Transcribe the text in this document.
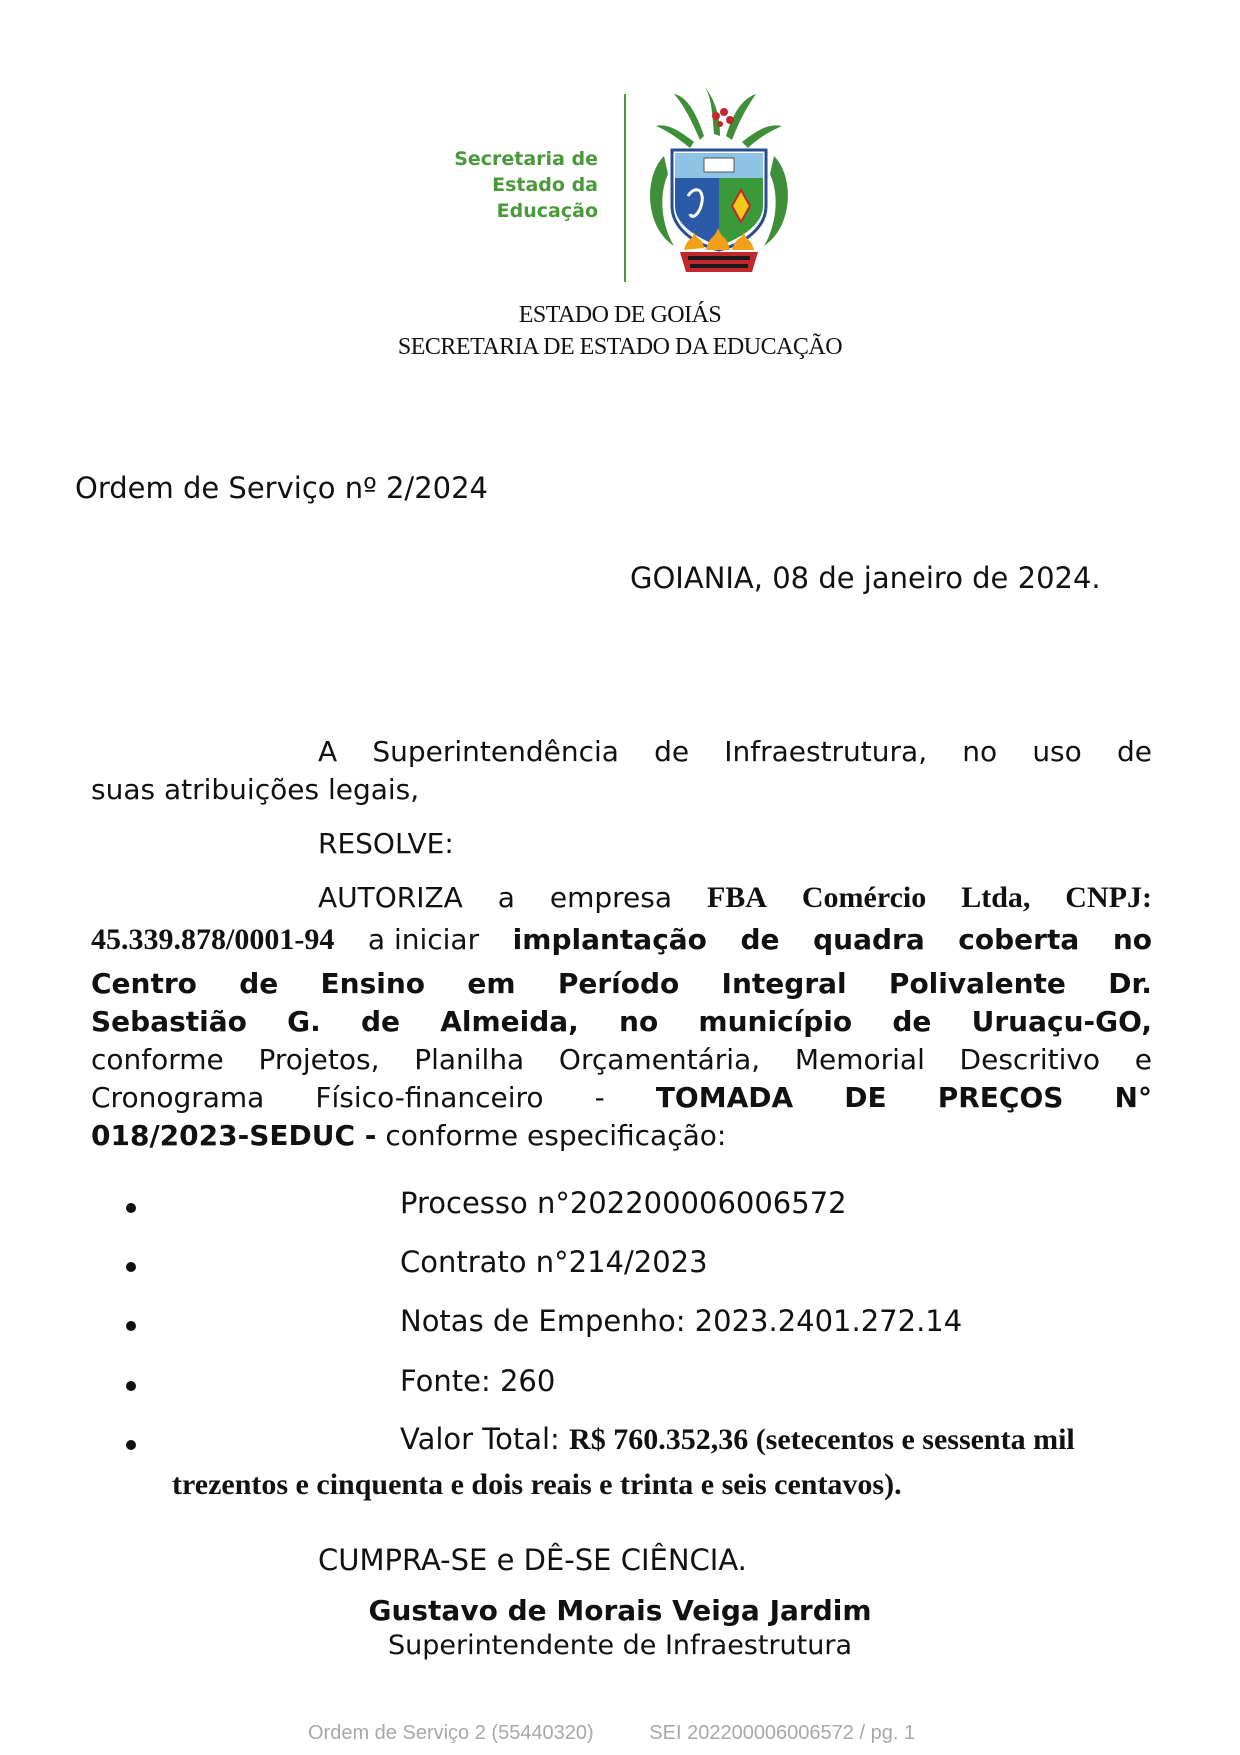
Secretaria de
Estado da
Educação
ESTADO DE GOIÁS
SECRETARIA DE ESTADO DA EDUCAÇÃO
Ordem de Serviço nº 2/2024
GOIANIA, 08 de janeiro de 2024.
A Superintendência de Infraestrutura, no uso de
suas atribuições legais,
RESOLVE:
AUTORIZA a empresa FBA Comércio Ltda, CNPJ:
45.339.878/0001-94 a iniciar implantação de quadra coberta no
Centro de Ensino em Período Integral Polivalente Dr.
Sebastião G. de Almeida, no município de Uruaçu-GO,
conforme Projetos, Planilha Orçamentária, Memorial Descritivo e
Cronograma Físico-financeiro - TOMADA DE PREÇOS N°
018/2023-SEDUC - conforme especificação:
Processo n°202200006006572
Contrato n°214/2023
Notas de Empenho: 2023.2401.272.14
Fonte: 260
Valor Total: R$ 760.352,36 (setecentos e sessenta mil
trezentos e cinquenta e dois reais e trinta e seis centavos).
CUMPRA-SE e DÊ-SE CIÊNCIA.
Gustavo de Morais Veiga Jardim
Superintendente de Infraestrutura
Ordem de Serviço 2 (55440320)	SEI 202200006006572 / pg. 1
